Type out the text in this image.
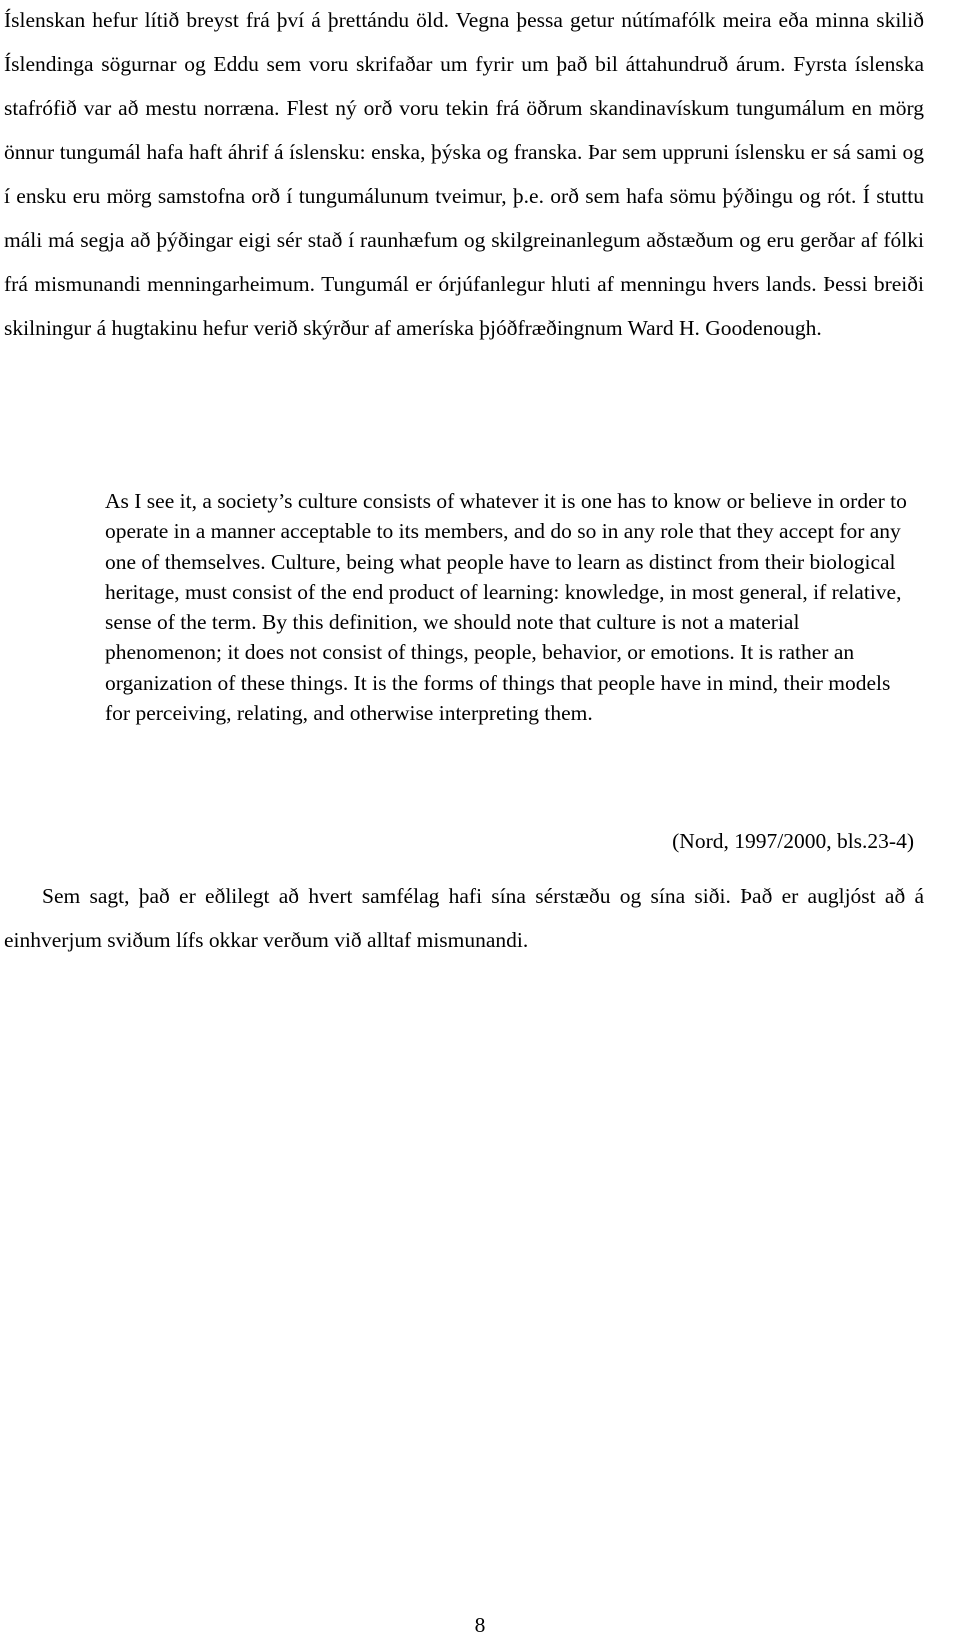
Íslenskan hefur lítið breyst frá því á þrettándu öld. Vegna þessa getur nútímafólk meira eða minna skilið Íslendinga sögurnar og Eddu sem voru skrifaðar um fyrir um það bil áttahundruð árum. Fyrsta íslenska stafrófið var að mestu norræna. Flest ný orð voru tekin frá öðrum skandinavískum tungumálum en mörg önnur tungumál hafa haft áhrif á íslensku: enska, þýska og franska. Þar sem uppruni íslensku er sá sami og í ensku eru mörg samstofna orð í tungumálunum tveimur, þ.e. orð sem hafa sömu þýðingu og rót. Í stuttu máli má segja að þýðingar eigi sér stað í raunhæfum og skilgreinanlegum aðstæðum og eru gerðar af fólki frá mismunandi menningarheimum. Tungumál er órjúfanlegur hluti af menningu hvers lands. Þessi breiði skilningur á hugtakinu hefur verið skýrður af ameríska þjóðfræðingnum Ward H. Goodenough.

As I see it, a society’s culture consists of whatever it is one has to know or believe in order to operate in a manner acceptable to its members, and do so in any role that they accept for any one of themselves. Culture, being what people have to learn as distinct from their biological heritage, must consist of the end product of learning: knowledge, in most general, if relative, sense of the term. By this definition, we should note that culture is not a material phenomenon; it does not consist of things, people, behavior, or emotions. It is rather an organization of these things. It is the forms of things that people have in mind, their models for perceiving, relating, and otherwise interpreting them.

(Nord, 1997/2000, bls.23-4)

Sem sagt, það er eðlilegt að hvert samfélag hafi sína sérstæðu og sína siði. Það er augljóst að á einhverjum sviðum lífs okkar verðum við alltaf mismunandi.

8
